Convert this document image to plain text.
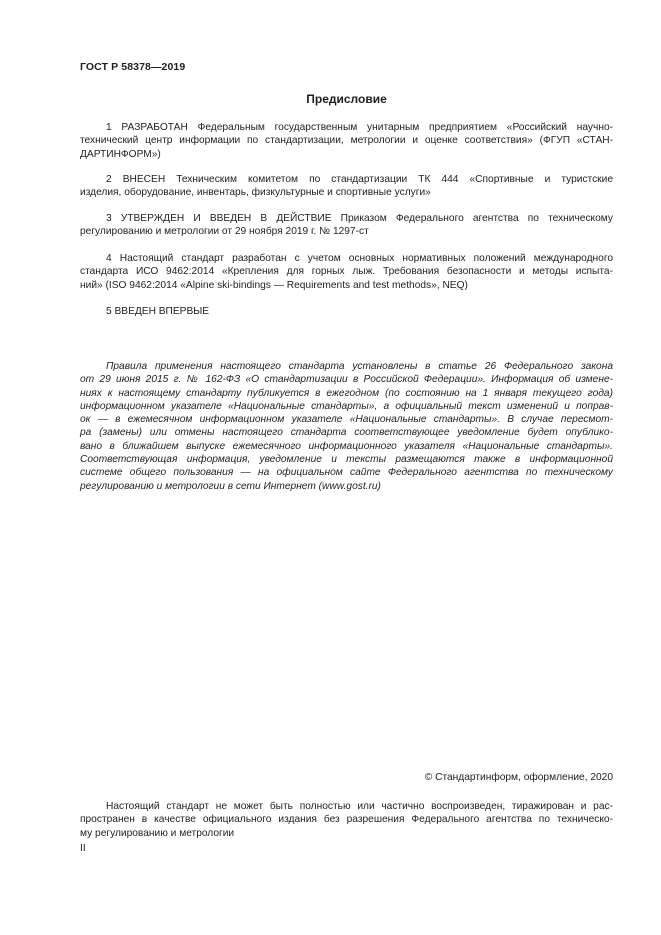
ГОСТ Р 58378—2019
Предисловие
1 РАЗРАБОТАН Федеральным государственным унитарным предприятием «Российский научно-
технический центр информации по стандартизации, метрологии и оценке соответствия» (ФГУП «СТАН-
ДАРТИНФОРМ»)
2 ВНЕСЕН Техническим комитетом по стандартизации ТК 444 «Спортивные и туристские
изделия, оборудование, инвентарь, физкультурные и спортивные услуги»
3 УТВЕРЖДЕН И ВВЕДЕН В ДЕЙСТВИЕ Приказом Федерального агентства по техническому
регулированию и метрологии от 29 ноября 2019 г. № 1297-ст
4 Настоящий стандарт разработан с учетом основных нормативных положений международного
стандарта ИСО 9462:2014 «Крепления для горных лыж. Требования безопасности и методы испыта-
ний» (ISO 9462:2014 «Alpine ski-bindings — Requirements and test methods», NEQ)
5 ВВЕДЕН ВПЕРВЫЕ
Правила применения настоящего стандарта установлены в статье 26 Федерального закона
от 29 июня 2015 г. № 162-ФЗ «О стандартизации в Российской Федерации». Информация об измене-
ниях к настоящему стандарту публикуется в ежегодном (по состоянию на 1 января текущего года)
информационном указателе «Национальные стандарты», а официальный текст изменений и поправ-
ок — в ежемесячном информационном указателе «Национальные стандарты». В случае пересмот-
ра (замены) или отмены настоящего стандарта соответствующее уведомление будет опублико-
вано в ближайшем выпуске ежемесячного информационного указателя «Национальные стандарты».
Соответствующая информация, уведомление и тексты размещаются также в информационной
системе общего пользования — на официальном сайте Федерального агентства по техническому
регулированию и метрологии в сети Интернет (www.gost.ru)
© Стандартинформ, оформление, 2020
Настоящий стандарт не может быть полностью или частично воспроизведен, тиражирован и рас-
пространен в качестве официального издания без разрешения Федерального агентства по техническо-
му регулированию и метрологии
II
